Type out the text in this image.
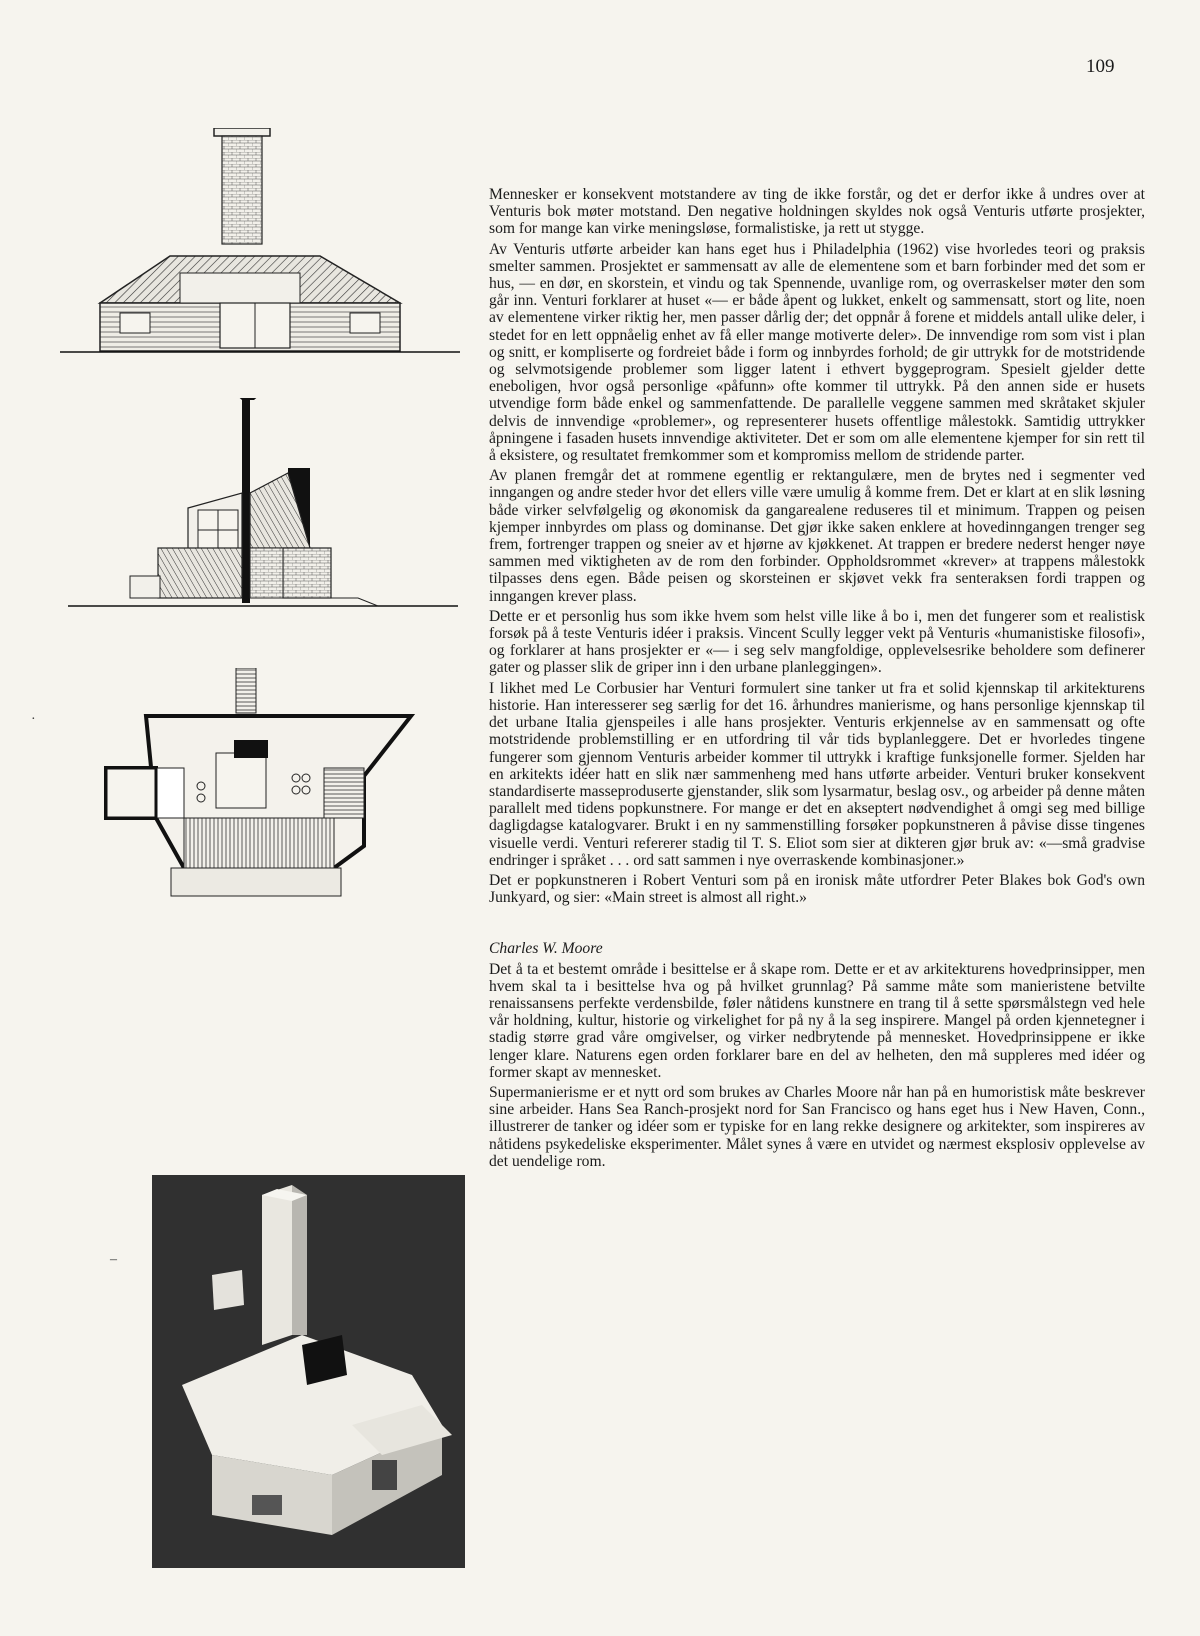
109
·
–

Mennesker er konsekvent motstandere av ting de ikke forstår, og det er derfor ikke å undres over at Venturis bok møter motstand. Den negative holdningen skyldes nok også Venturis utførte prosjekter, som for mange kan virke meningsløse, formalistiske, ja rett ut stygge.

Av Venturis utførte arbeider kan hans eget hus i Philadelphia (1962) vise hvorledes teori og praksis smelter sammen. Prosjektet er sammensatt av alle de elementene som et barn forbinder med det som er hus, — en dør, en skorstein, et vindu og tak Spennende, uvanlige rom, og overraskelser møter den som går inn. Venturi forklarer at huset «— er både åpent og lukket, enkelt og sammensatt, stort og lite, noen av elementene virker riktig her, men passer dårlig der; det oppnår å forene et middels antall ulike deler, i stedet for en lett oppnåelig enhet av få eller mange motiverte deler». De innvendige rom som vist i plan og snitt, er kompliserte og fordreiet både i form og innbyrdes forhold; de gir uttrykk for de motstridende og selvmotsigende problemer som ligger latent i ethvert byggeprogram. Spesielt gjelder dette eneboligen, hvor også personlige «påfunn» ofte kommer til uttrykk. På den annen side er husets utvendige form både enkel og sammenfattende. De parallelle veggene sammen med skråtaket skjuler delvis de innvendige «problemer», og representerer husets offentlige målestokk. Samtidig uttrykker åpningene i fasaden husets innvendige aktiviteter. Det er som om alle elementene kjemper for sin rett til å eksistere, og resultatet fremkommer som et kompromiss mellom de stridende parter.

Av planen fremgår det at rommene egentlig er rektangulære, men de brytes ned i segmenter ved inngangen og andre steder hvor det ellers ville være umulig å komme frem. Det er klart at en slik løsning både virker selvfølgelig og økonomisk da gangarealene reduseres til et minimum. Trappen og peisen kjemper innbyrdes om plass og dominanse. Det gjør ikke saken enklere at hovedinngangen trenger seg frem, fortrenger trappen og sneier av et hjørne av kjøkkenet. At trappen er bredere nederst henger nøye sammen med viktigheten av de rom den forbinder. Oppholdsrommet «krever» at trappens målestokk tilpasses dens egen. Både peisen og skorsteinen er skjøvet vekk fra senteraksen fordi trappen og inngangen krever plass.

Dette er et personlig hus som ikke hvem som helst ville like å bo i, men det fungerer som et realistisk forsøk på å teste Venturis idéer i praksis. Vincent Scully legger vekt på Venturis «humanistiske filosofi», og forklarer at hans prosjekter er «— i seg selv mangfoldige, opplevelsesrike beholdere som definerer gater og plasser slik de griper inn i den urbane planleggingen».

I likhet med Le Corbusier har Venturi formulert sine tanker ut fra et solid kjennskap til arkitekturens historie. Han interesserer seg særlig for det 16. århundres manierisme, og hans personlige kjennskap til det urbane Italia gjenspeiles i alle hans prosjekter. Venturis erkjennelse av en sammensatt og ofte motstridende problemstilling er en utfordring til vår tids byplanleggere. Det er hvorledes tingene fungerer som gjennom Venturis arbeider kommer til uttrykk i kraftige funksjonelle former. Sjelden har en arkitekts idéer hatt en slik nær sammenheng med hans utførte arbeider. Venturi bruker konsekvent standardiserte masseproduserte gjenstander, slik som lysarmatur, beslag osv., og arbeider på denne måten parallelt med tidens popkunstnere. For mange er det en akseptert nødvendighet å omgi seg med billige dagligdagse katalogvarer. Brukt i en ny sammenstilling forsøker popkunstneren å påvise disse tingenes visuelle verdi. Venturi refererer stadig til T. S. Eliot som sier at dikteren gjør bruk av: «—små gradvise endringer i språket . . . ord satt sammen i nye overraskende kombinasjoner.»

Det er popkunstneren i Robert Venturi som på en ironisk måte utfordrer Peter Blakes bok God's own Junkyard, og sier: «Main street is almost all right.»

Charles W. Moore

Det å ta et bestemt område i besittelse er å skape rom. Dette er et av arkitekturens hovedprinsipper, men hvem skal ta i besittelse hva og på hvilket grunnlag? På samme måte som manieristene betvilte renaissansens perfekte verdensbilde, føler nåtidens kunstnere en trang til å sette spørsmålstegn ved hele vår holdning, kultur, historie og virkelighet for på ny å la seg inspirere. Mangel på orden kjennetegner i stadig større grad våre omgivelser, og virker nedbrytende på mennesket. Hovedprinsippene er ikke lenger klare. Naturens egen orden forklarer bare en del av helheten, den må suppleres med idéer og former skapt av mennesket.

Supermanierisme er et nytt ord som brukes av Charles Moore når han på en humoristisk måte beskrever sine arbeider. Hans Sea Ranch-prosjekt nord for San Francisco og hans eget hus i New Haven, Conn., illustrerer de tanker og idéer som er typiske for en lang rekke designere og arkitekter, som inspireres av nåtidens psykedeliske eksperimenter. Målet synes å være en utvidet og nærmest eksplosiv opplevelse av det uendelige rom.
